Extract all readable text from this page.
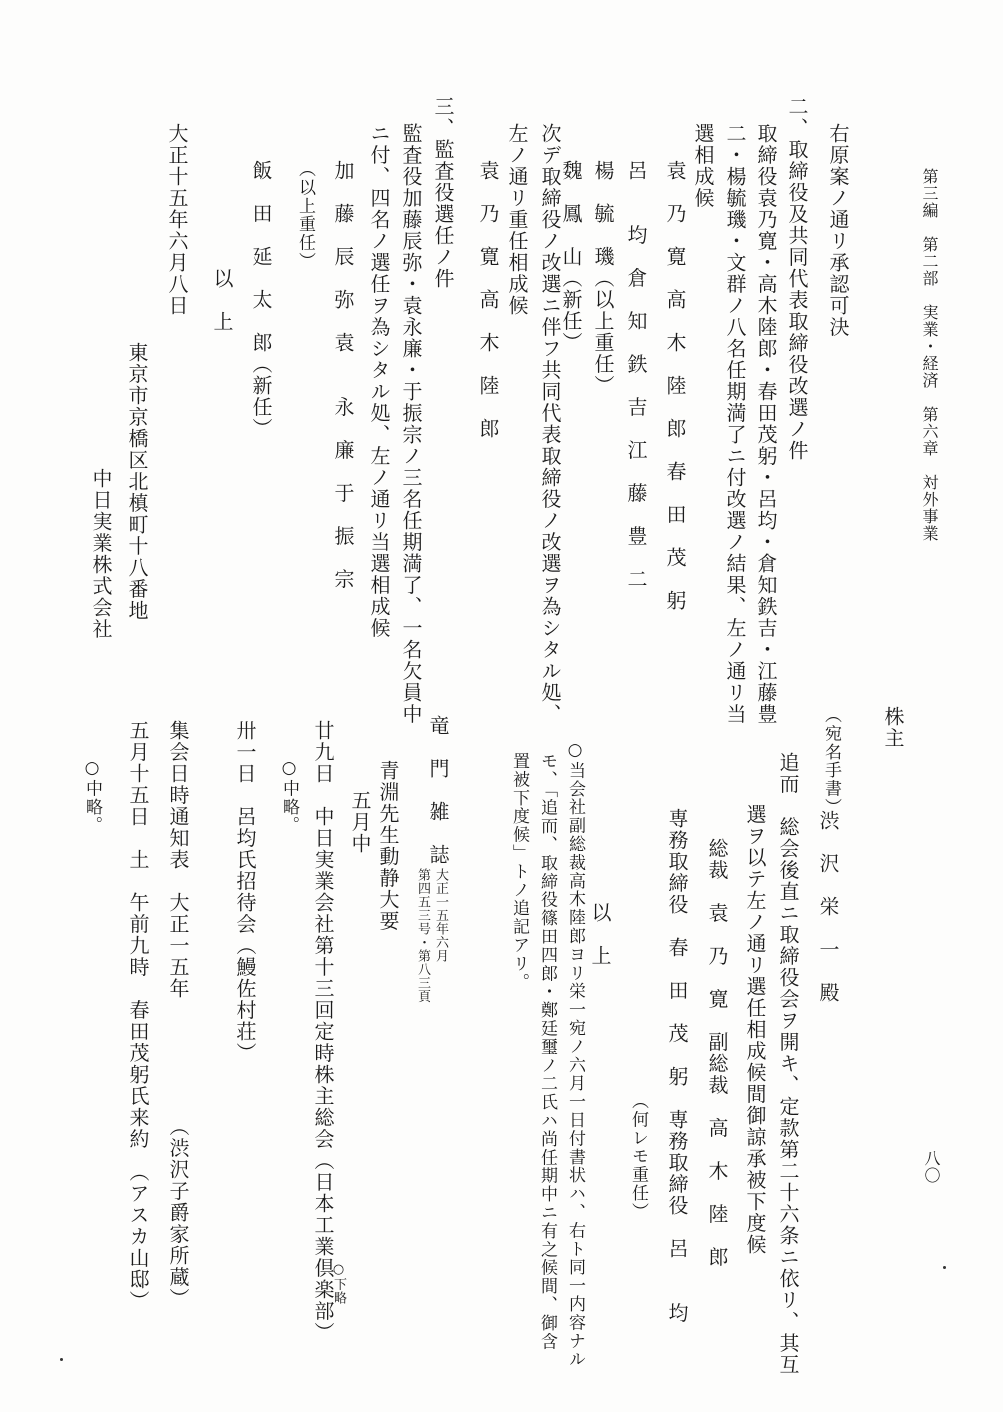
第三編　第二部　実業・経済　第六章　対外事業
八〇
右原案ノ通リ承認可決
二、取締役及共同代表取締役改選ノ件
取締役袁乃寛・高木陸郎・春田茂躬・呂均・倉知鉄吉・江藤豊
二・楊毓璣・文群ノ八名任期満了ニ付改選ノ結果、左ノ通リ当
選相成候
袁　乃　寛　高　木　陸　郎　春　田　茂　躬
呂　　均　倉　知　鉄　吉　江　藤　豊　二
楊　毓　璣（以上重任）
魏　鳳　山（新任）
次デ取締役ノ改選ニ伴フ共同代表取締役ノ改選ヲ為シタル処、
左ノ通リ重任相成候
袁　乃　寛　高　木　陸　郎
三、監査役選任ノ件
監査役加藤辰弥・袁永廉・于振宗ノ三名任期満了、一名欠員中
ニ付、四名ノ選任ヲ為シタル処、左ノ通リ当選相成候
加　藤　辰　弥　袁　　永　廉　于　振　宗
（以上重任）
飯　田　延　太　郎（新任）
以　上
大正十五年六月八日
東京市京橋区北槙町十八番地
中日実業株式会社
株主
（宛名手書）
渋　沢　栄　一　殿
追而　総会後直ニ取締役会ヲ開キ、定款第二十六条ニ依リ、其互
選ヲ以テ左ノ通リ選任相成候間御諒承被下度候
総裁　袁　乃　寛　副総裁　高　木　陸　郎
専務取締役　春　田　茂　躬　専務取締役　呂　　均
（何レモ重任）
以　上
○当会社副総裁高木陸郎ヨリ栄一宛ノ六月一日付書状ハ、右ト同一内容ナル
モ、「追而、取締役篠田四郎・鄭廷璽ノ二氏ハ尚任期中ニ有之候間、御含
置被下度候」トノ追記アリ。
竜　門　雑　誌
第四五三号・第八三頁 大正一五年六月
青淵先生動静大要
五月中
廿九日　中日実業会社第十三回定時株主総会（日本工業倶楽部）
○下略
○中略。
卅一日　呂均氏招待会（鰻佐村荘）
集会日時通知表　大正一五年
（渋沢子爵家所蔵）
五月十五日　土　午前九時　春田茂躬氏来約　（アスカ山邸）
○中略。
